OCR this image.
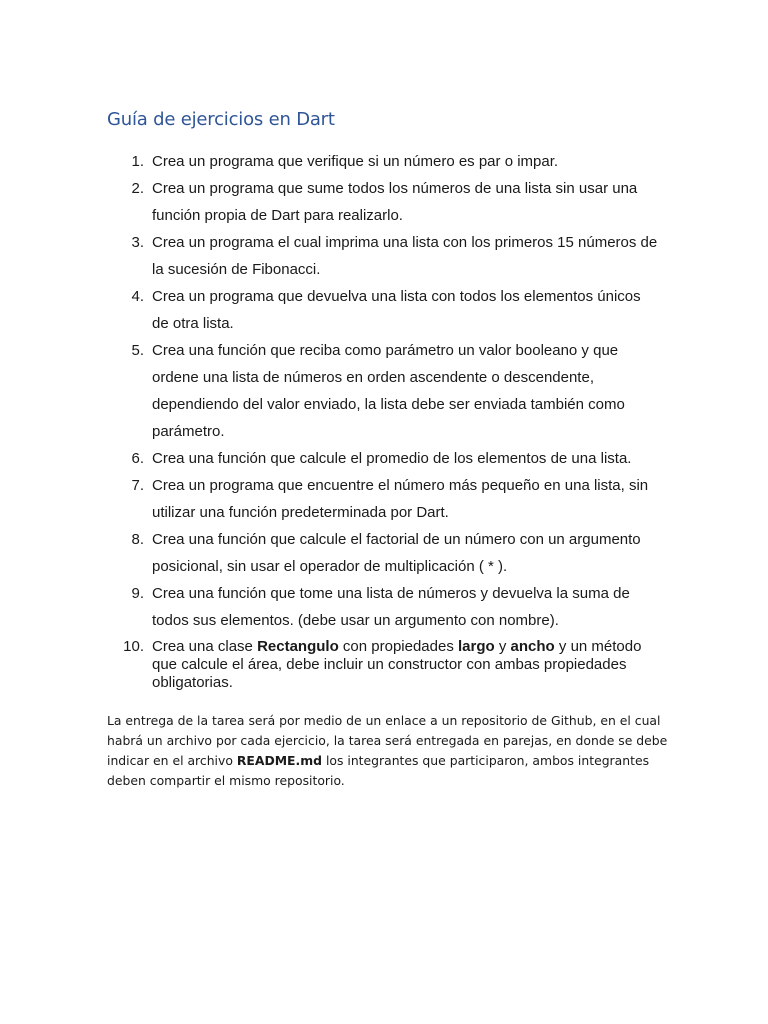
Guía de ejercicios en Dart
1. Crea un programa que verifique si un número es par o impar.
2. Crea un programa que sume todos los números de una lista sin usar una
función propia de Dart para realizarlo.
3. Crea un programa el cual imprima una lista con los primeros 15 números de
la sucesión de Fibonacci.
4. Crea un programa que devuelva una lista con todos los elementos únicos
de otra lista.
5. Crea una función que reciba como parámetro un valor booleano y que
ordene una lista de números en orden ascendente o descendente,
dependiendo del valor enviado, la lista debe ser enviada también como
parámetro.
6. Crea una función que calcule el promedio de los elementos de una lista.
7. Crea un programa que encuentre el número más pequeño en una lista, sin
utilizar una función predeterminada por Dart.
8. Crea una función que calcule el factorial de un número con un argumento
posicional, sin usar el operador de multiplicación ( * ).
9. Crea una función que tome una lista de números y devuelva la suma de
todos sus elementos. (debe usar un argumento con nombre).
10. Crea una clase Rectangulo con propiedades largo y ancho y un método
que calcule el área, debe incluir un constructor con ambas propiedades
obligatorias.

La entrega de la tarea será por medio de un enlace a un repositorio de Github, en el cual
habrá un archivo por cada ejercicio, la tarea será entregada en parejas, en donde se debe
indicar en el archivo README.md los integrantes que participaron, ambos integrantes
deben compartir el mismo repositorio.
